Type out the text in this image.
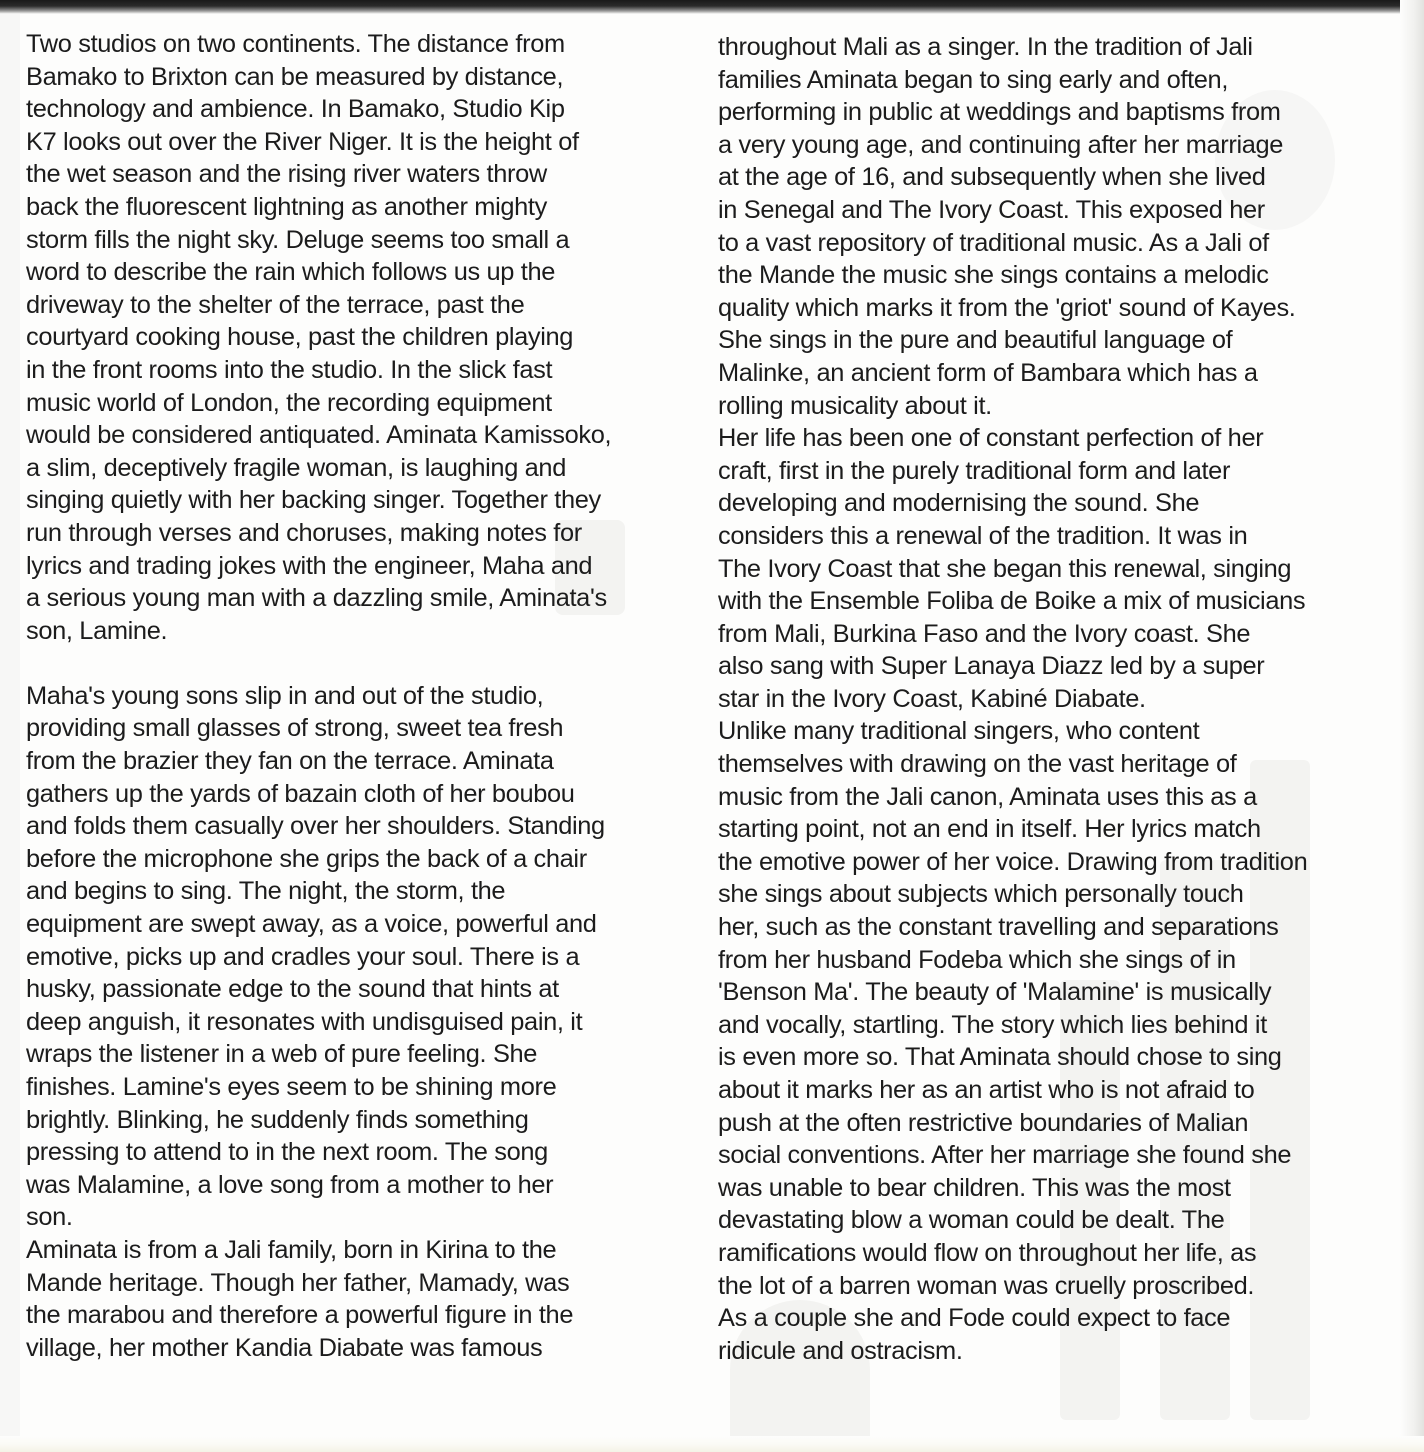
Two studios on two continents. The distance from
Bamako to Brixton can be measured by distance,
technology and ambience. In Bamako, Studio Kip
K7 looks out over the River Niger. It is the height of
the wet season and the rising river waters throw
back the fluorescent lightning as another mighty
storm fills the night sky. Deluge seems too small a
word to describe the rain which follows us up the
driveway to the shelter of the terrace, past the
courtyard cooking house, past the children playing
in the front rooms into the studio. In the slick fast
music world of London, the recording equipment
would be considered antiquated. Aminata Kamissoko,
a slim, deceptively fragile woman, is laughing and
singing quietly with her backing singer. Together they
run through verses and choruses, making notes for
lyrics and trading jokes with the engineer, Maha and
a serious young man with a dazzling smile, Aminata's
son, Lamine.
Maha's young sons slip in and out of the studio,
providing small glasses of strong, sweet tea fresh
from the brazier they fan on the terrace. Aminata
gathers up the yards of bazain cloth of her boubou
and folds them casually over her shoulders. Standing
before the microphone she grips the back of a chair
and begins to sing. The night, the storm, the
equipment are swept away, as a voice, powerful and
emotive, picks up and cradles your soul. There is a
husky, passionate edge to the sound that hints at
deep anguish, it resonates with undisguised pain, it
wraps the listener in a web of pure feeling. She
finishes. Lamine's eyes seem to be shining more
brightly. Blinking, he suddenly finds something
pressing to attend to in the next room. The song
was Malamine, a love song from a mother to her
son.
Aminata is from a Jali family, born in Kirina to the
Mande heritage. Though her father, Mamady, was
the marabou and therefore a powerful figure in the
village, her mother Kandia Diabate was famous
throughout Mali as a singer. In the tradition of Jali
families Aminata began to sing early and often,
performing in public at weddings and baptisms from
a very young age, and continuing after her marriage
at the age of 16, and subsequently when she lived
in Senegal and The Ivory Coast. This exposed her
to a vast repository of traditional music. As a Jali of
the Mande the music she sings contains a melodic
quality which marks it from the 'griot' sound of Kayes.
She sings in the pure and beautiful language of
Malinke, an ancient form of Bambara which has a
rolling musicality about it.
Her life has been one of constant perfection of her
craft, first in the purely traditional form and later
developing and modernising the sound. She
considers this a renewal of the tradition. It was in
The Ivory Coast that she began this renewal, singing
with the Ensemble Foliba de Boike a mix of musicians
from Mali, Burkina Faso and the Ivory coast. She
also sang with Super Lanaya Diazz led by a super
star in the Ivory Coast, Kabiné Diabate.
Unlike many traditional singers, who content
themselves with drawing on the vast heritage of
music from the Jali canon, Aminata uses this as a
starting point, not an end in itself. Her lyrics match
the emotive power of her voice. Drawing from tradition
she sings about subjects which personally touch
her, such as the constant travelling and separations
from her husband Fodeba which she sings of in
'Benson Ma'. The beauty of 'Malamine' is musically
and vocally, startling. The story which lies behind it
is even more so. That Aminata should chose to sing
about it marks her as an artist who is not afraid to
push at the often restrictive boundaries of Malian
social conventions. After her marriage she found she
was unable to bear children. This was the most
devastating blow a woman could be dealt. The
ramifications would flow on throughout her life, as
the lot of a barren woman was cruelly proscribed.
As a couple she and Fode could expect to face
ridicule and ostracism.
